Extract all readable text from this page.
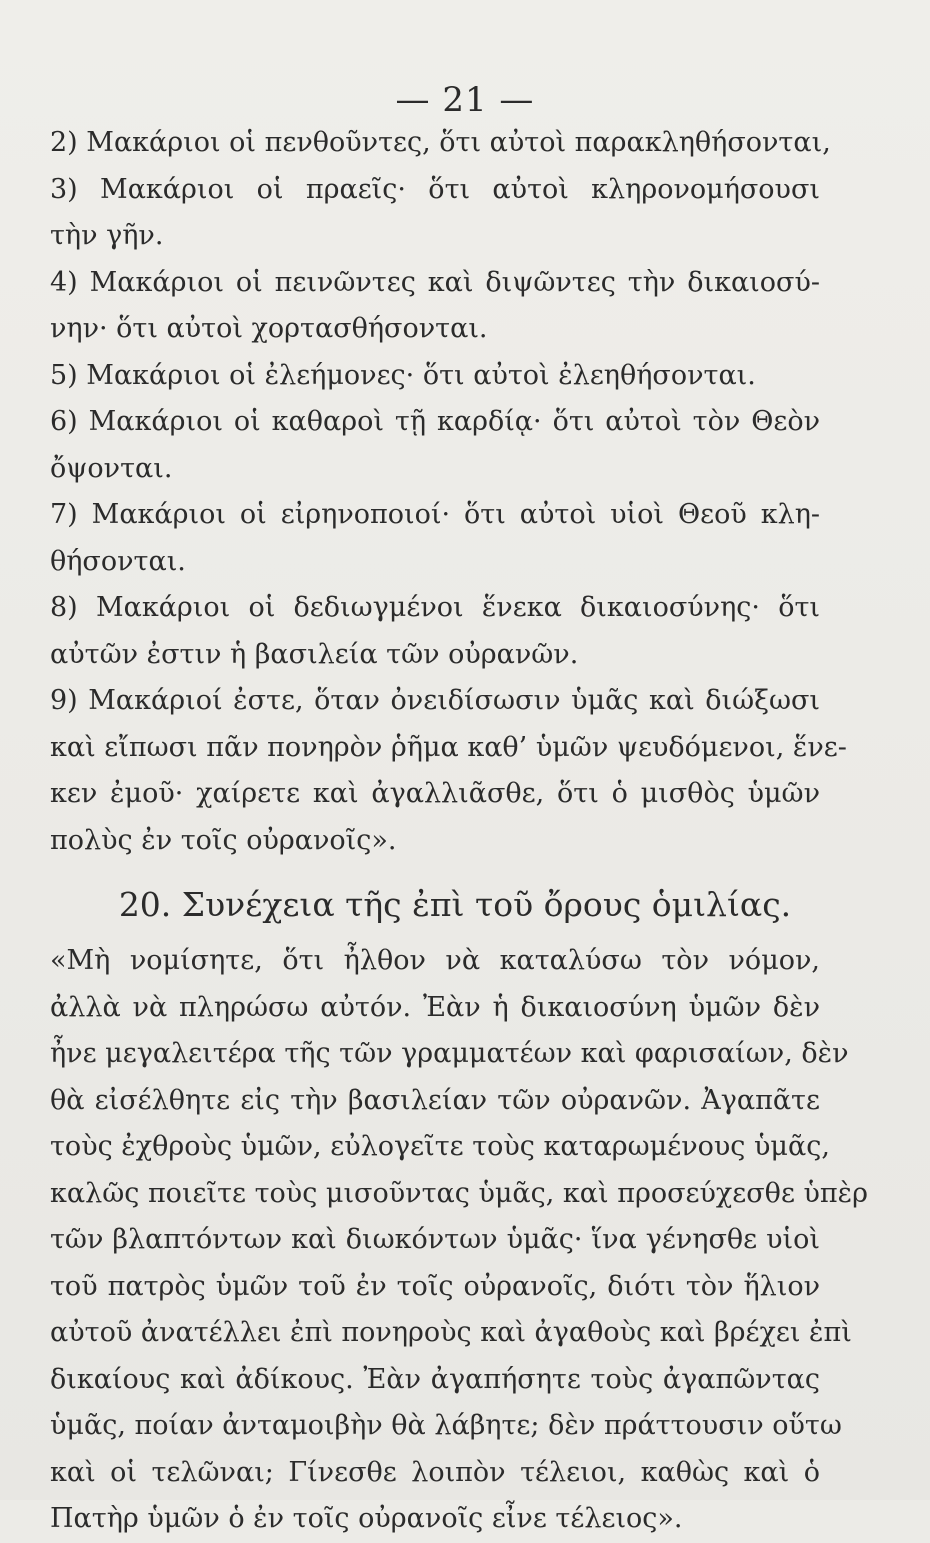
— 21 —
2) Μακάριοι οἱ πενθοῦντες, ὅτι αὐτοὶ παρακληθήσονται,
3) Μακάριοι οἱ πραεῖς· ὅτι αὐτοὶ κληρονομήσουσι
τὴν γῆν.
4) Μακάριοι οἱ πεινῶντες καὶ διψῶντες τὴν δικαιοσύ-
νην· ὅτι αὐτοὶ χορτασθήσονται.
5) Μακάριοι οἱ ἐλεήμονες· ὅτι αὐτοὶ ἐλεηθήσονται.
6) Μακάριοι οἱ καθαροὶ τῇ καρδίᾳ· ὅτι αὐτοὶ τὸν Θεὸν
ὄψονται.
7) Μακάριοι οἱ εἰρηνοποιοί· ὅτι αὐτοὶ υἱοὶ Θεοῦ κλη-
θήσονται.
8) Μακάριοι οἱ δεδιωγμένοι ἕνεκα δικαιοσύνης· ὅτι
αὐτῶν ἐστιν ἡ βασιλεία τῶν οὐρανῶν.
9) Μακάριοί ἐστε, ὅταν ὀνειδίσωσιν ὑμᾶς καὶ διώξωσι
καὶ εἴπωσι πᾶν πονηρὸν ῥῆμα καθ’ ὑμῶν ψευδόμενοι, ἕνε-
κεν ἐμοῦ· χαίρετε καὶ ἀγαλλιᾶσθε, ὅτι ὁ μισθὸς ὑμῶν
πολὺς ἐν τοῖς οὐρανοῖς».
20. Συνέχεια τῆς ἐπὶ τοῦ ὄρους ὁμιλίας.
«Μὴ νομίσητε, ὅτι ἦλθον νὰ καταλύσω τὸν νόμον,
ἀλλὰ νὰ πληρώσω αὐτόν. Ἐὰν ἡ δικαιοσύνη ὑμῶν δὲν
ἦνε μεγαλειτέρα τῆς τῶν γραμματέων καὶ φαρισαίων, δὲν
θὰ εἰσέλθητε εἰς τὴν βασιλείαν τῶν οὐρανῶν. Ἀγαπᾶτε
τοὺς ἐχθροὺς ὑμῶν, εὐλογεῖτε τοὺς καταρωμένους ὑμᾶς,
καλῶς ποιεῖτε τοὺς μισοῦντας ὑμᾶς, καὶ προσεύχεσθε ὑπὲρ
τῶν βλαπτόντων καὶ διωκόντων ὑμᾶς· ἵνα γένησθε υἱοὶ
τοῦ πατρὸς ὑμῶν τοῦ ἐν τοῖς οὐρανοῖς, διότι τὸν ἥλιον
αὐτοῦ ἀνατέλλει ἐπὶ πονηροὺς καὶ ἀγαθοὺς καὶ βρέχει ἐπὶ
δικαίους καὶ ἀδίκους. Ἐὰν ἀγαπήσητε τοὺς ἀγαπῶντας
ὑμᾶς, ποίαν ἀνταμοιβὴν θὰ λάβητε; δὲν πράττουσιν οὕτω
καὶ οἱ τελῶναι; Γίνεσθε λοιπὸν τέλειοι, καθὼς καὶ ὁ
Πατὴρ ὑμῶν ὁ ἐν τοῖς οὐρανοῖς εἶνε τέλειος».
